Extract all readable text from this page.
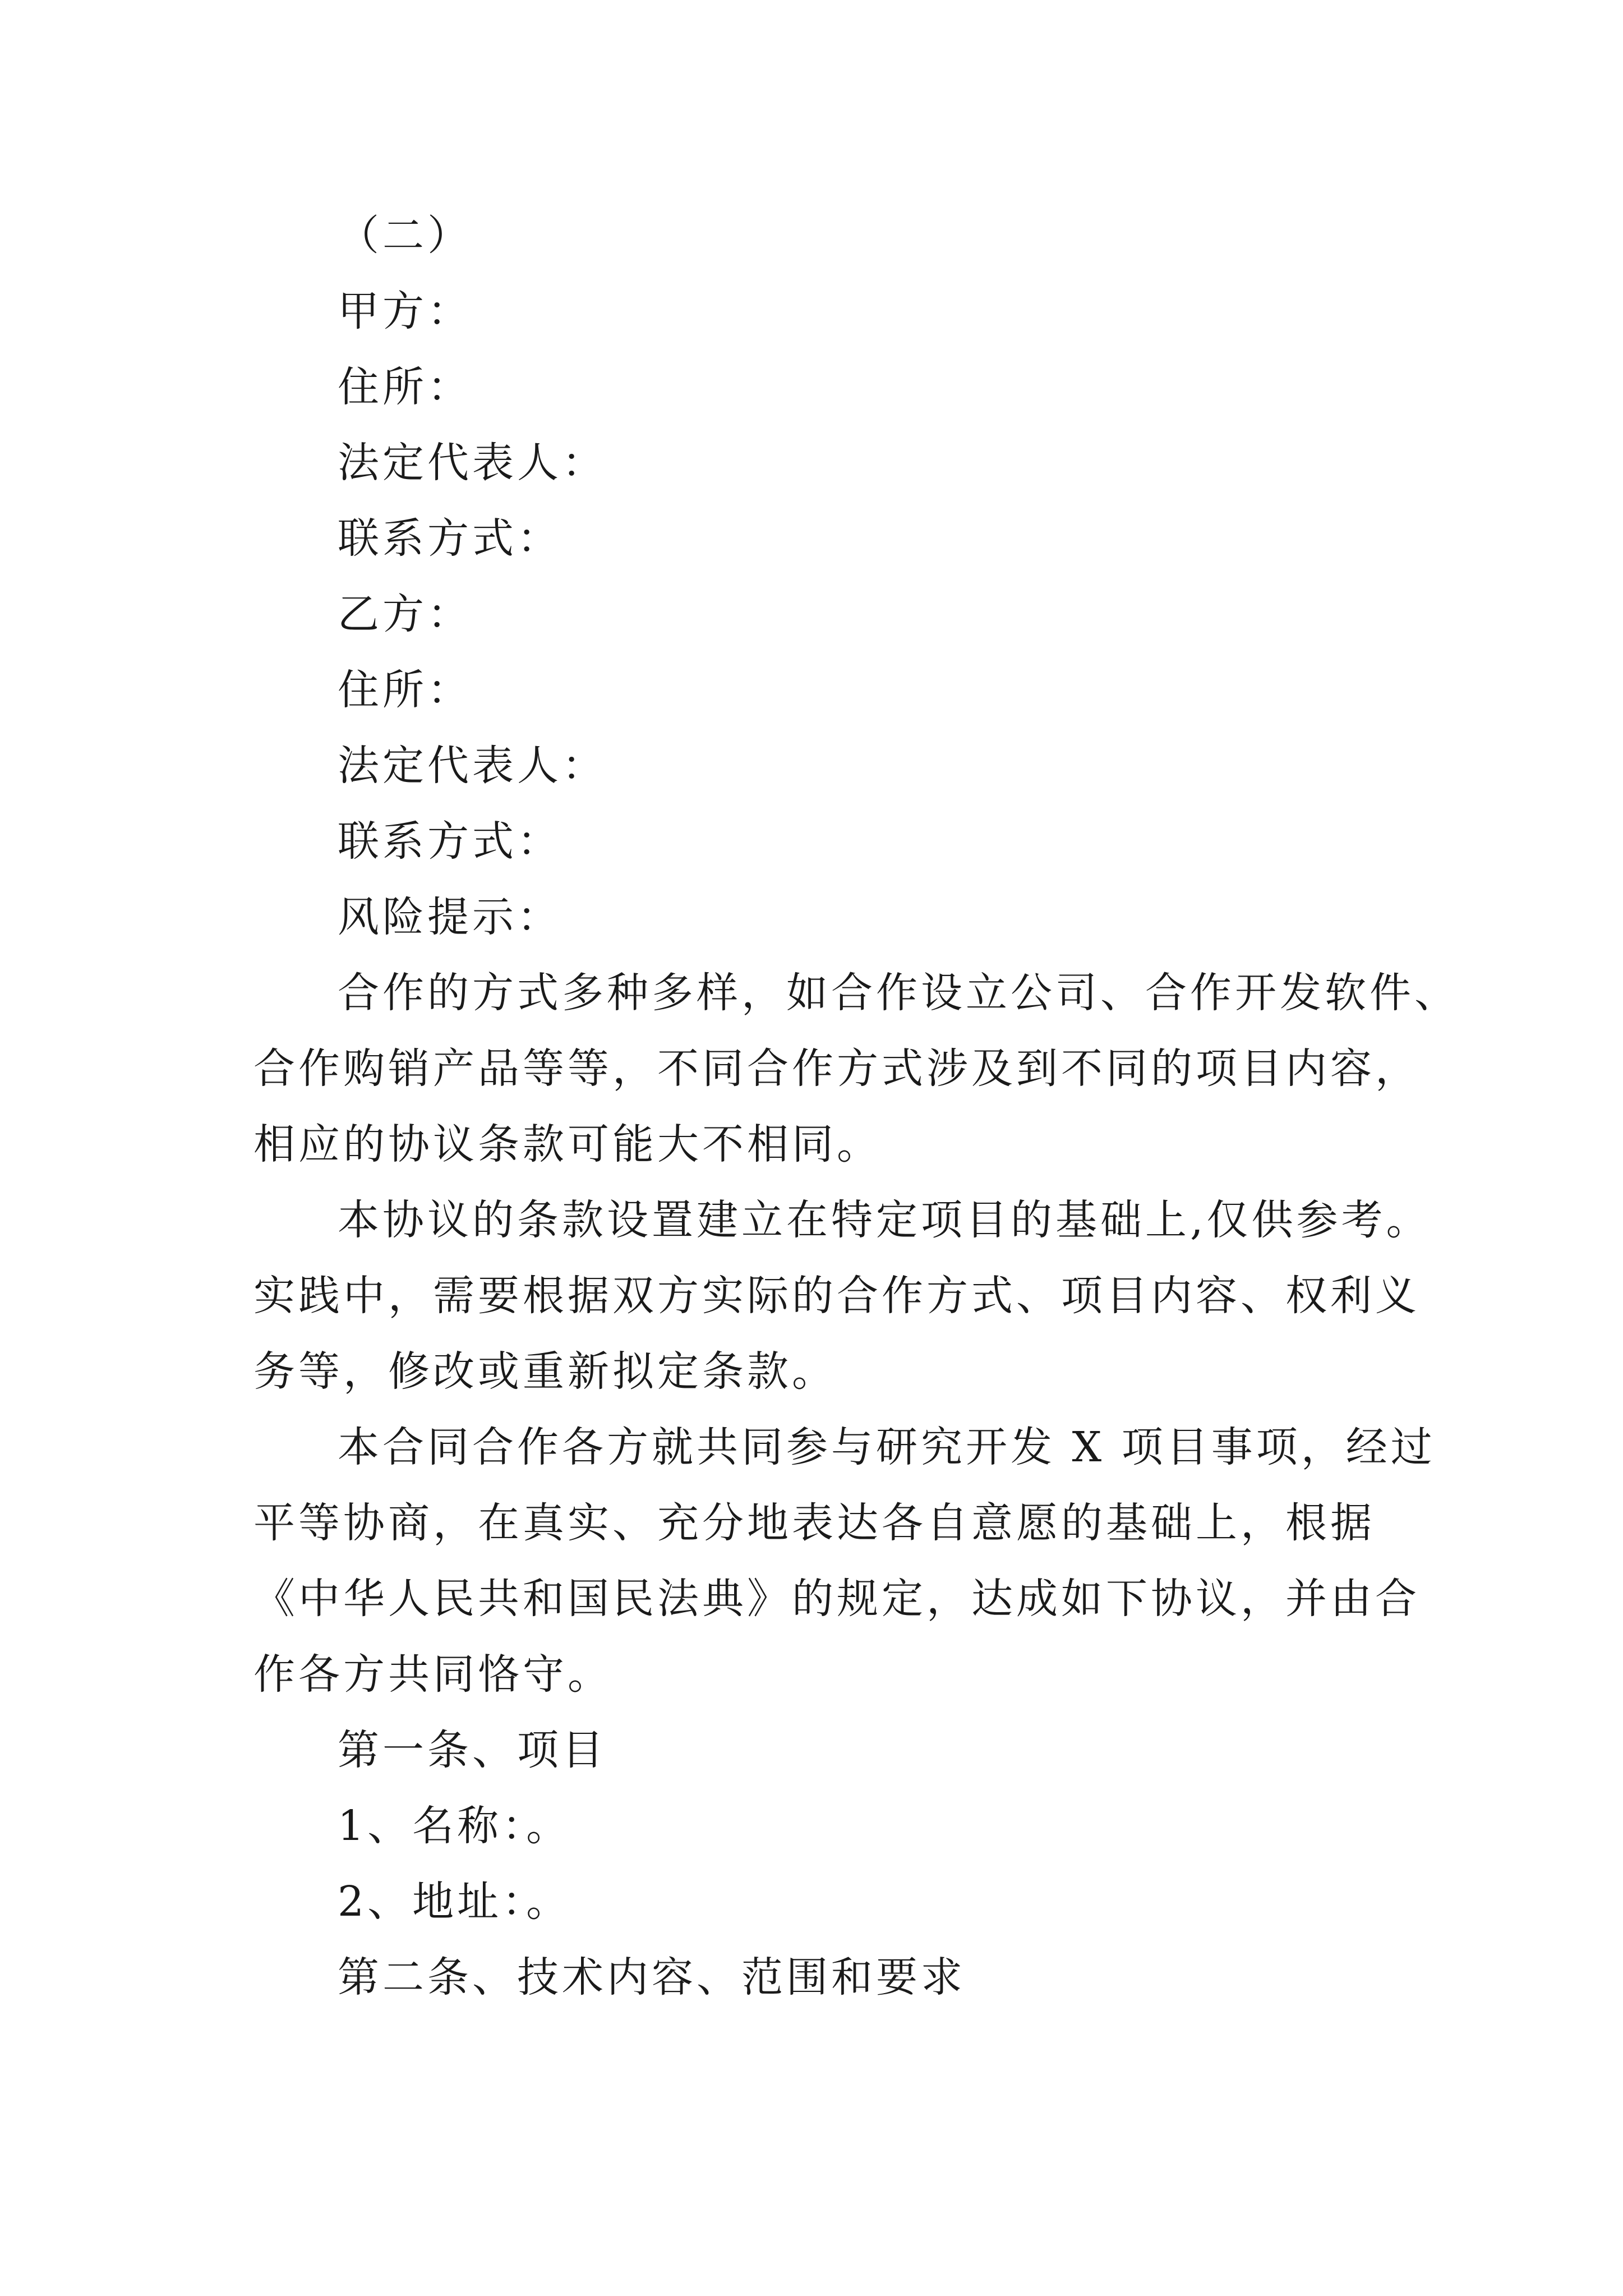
（二）
甲方：
住所：
法定代表人：
联系方式：
乙方：
住所：
法定代表人：
联系方式：
风险提示：
合作的方式多种多样，如合作设立公司、合作开发软件、
合作购销产品等等，不同合作方式涉及到不同的项目内容，
相应的协议条款可能大不相同。
本协议的条款设置建立在特定项目的基础上,仅供参考。
实践中，需要根据双方实际的合作方式、项目内容、权利义
务等，修改或重新拟定条款。
本合同合作各方就共同参与研究开发 X 项目事项，经过
平等协商，在真实、充分地表达各自意愿的基础上，根据
《中华人民共和国民法典》的规定，达成如下协议，并由合
作各方共同恪守。
第一条、项目
1、名称：。
2、地址：。
第二条、技术内容、范围和要求
